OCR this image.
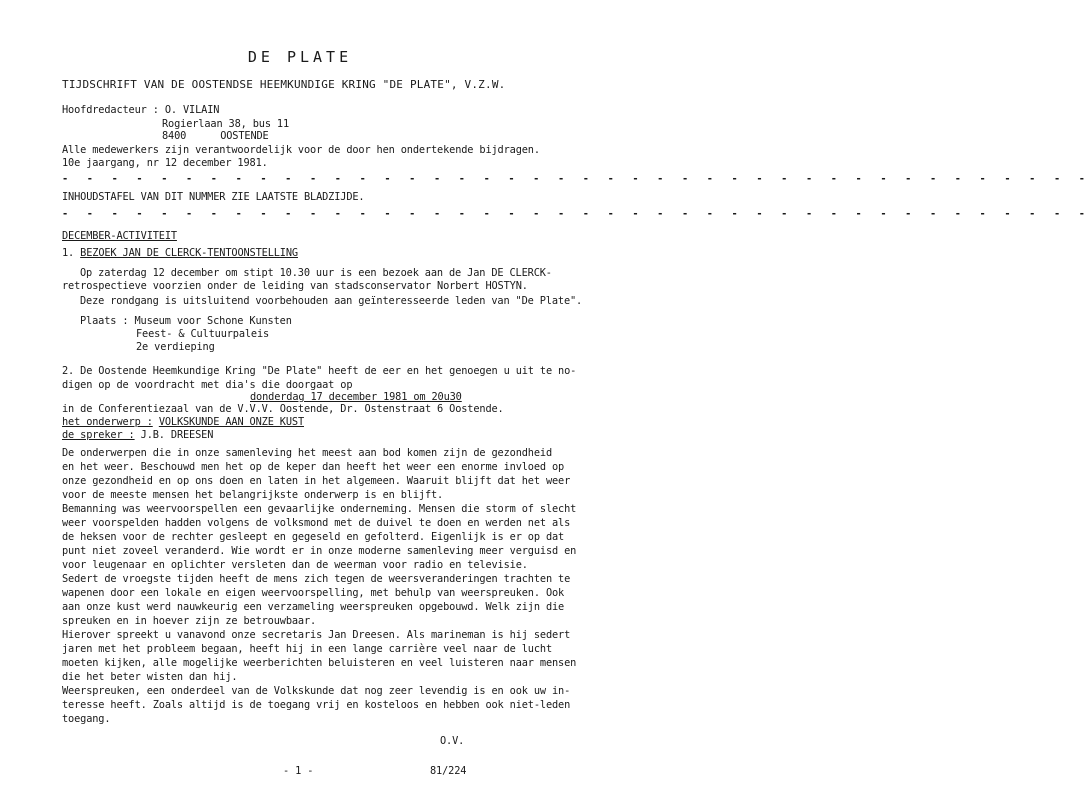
DE PLATE
TIJDSCHRIFT VAN DE OOSTENDSE HEEMKUNDIGE KRING "DE PLATE", V.Z.W.
Hoofdredacteur : O. VILAIN
Rogierlaan 38, bus 11
8400	OOSTENDE
Alle medewerkers zijn verantwoordelijk voor de door hen ondertekende bijdragen.
10e jaargang, nr 12 december 1981.
- - - - - - - - - - - - - - - - - - - - - - - - - - - - - - - - - - - - - - - - - -
INHOUDSTAFEL VAN DIT NUMMER ZIE LAATSTE BLADZIJDE.
- - - - - - - - - - - - - - - - - - - - - - - - - - - - - - - - - - - - - - - - - -
DECEMBER-ACTIVITEIT
1. BEZOEK JAN DE CLERCK-TENTOONSTELLING
Op zaterdag 12 december om stipt 10.30 uur is een bezoek aan de Jan DE CLERCK-
retrospectieve voorzien onder de leiding van stadsconservator Norbert HOSTYN.
Deze rondgang is uitsluitend voorbehouden aan geïnteresseerde leden van "De Plate".
Plaats : Museum voor Schone Kunsten
Feest- & Cultuurpaleis
2e verdieping
2. De Oostende Heemkundige Kring "De Plate" heeft de eer en het genoegen u uit te no-
digen op de voordracht met dia's die doorgaat op
donderdag 17 december 1981 om 20u30
in de Conferentiezaal van de V.V.V. Oostende, Dr. Ostenstraat 6 Oostende.
het onderwerp : VOLKSKUNDE AAN ONZE KUST
de spreker : J.B. DREESEN
De onderwerpen die in onze samenleving het meest aan bod komen zijn de gezondheid
en het weer. Beschouwd men het op de keper dan heeft het weer een enorme invloed op
onze gezondheid en op ons doen en laten in het algemeen. Waaruit blijft dat het weer
voor de meeste mensen het belangrijkste onderwerp is en blijft.
Bemanning was weervoorspellen een gevaarlijke onderneming. Mensen die storm of slecht
weer voorspelden hadden volgens de volksmond met de duivel te doen en werden net als
de heksen voor de rechter gesleept en gegeseld en gefolterd. Eigenlijk is er op dat
punt niet zoveel veranderd. Wie wordt er in onze moderne samenleving meer verguisd en
voor leugenaar en oplichter versleten dan de weerman voor radio en televisie.
Sedert de vroegste tijden heeft de mens zich tegen de weersveranderingen trachten te
wapenen door een lokale en eigen weervoorspelling, met behulp van weerspreuken. Ook
aan onze kust werd nauwkeurig een verzameling weerspreuken opgebouwd. Welk zijn die
spreuken en in hoever zijn ze betrouwbaar.
Hierover spreekt u vanavond onze secretaris Jan Dreesen. Als marineman is hij sedert
jaren met het probleem begaan, heeft hij in een lange carrière veel naar de lucht
moeten kijken, alle mogelijke weerberichten beluisteren en veel luisteren naar mensen
die het beter wisten dan hij.
Weerspreuken, een onderdeel van de Volkskunde dat nog zeer levendig is en ook uw in-
teresse heeft. Zoals altijd is de toegang vrij en kosteloos en hebben ook niet-leden
toegang.
O.V.
- 1 -	81/224
